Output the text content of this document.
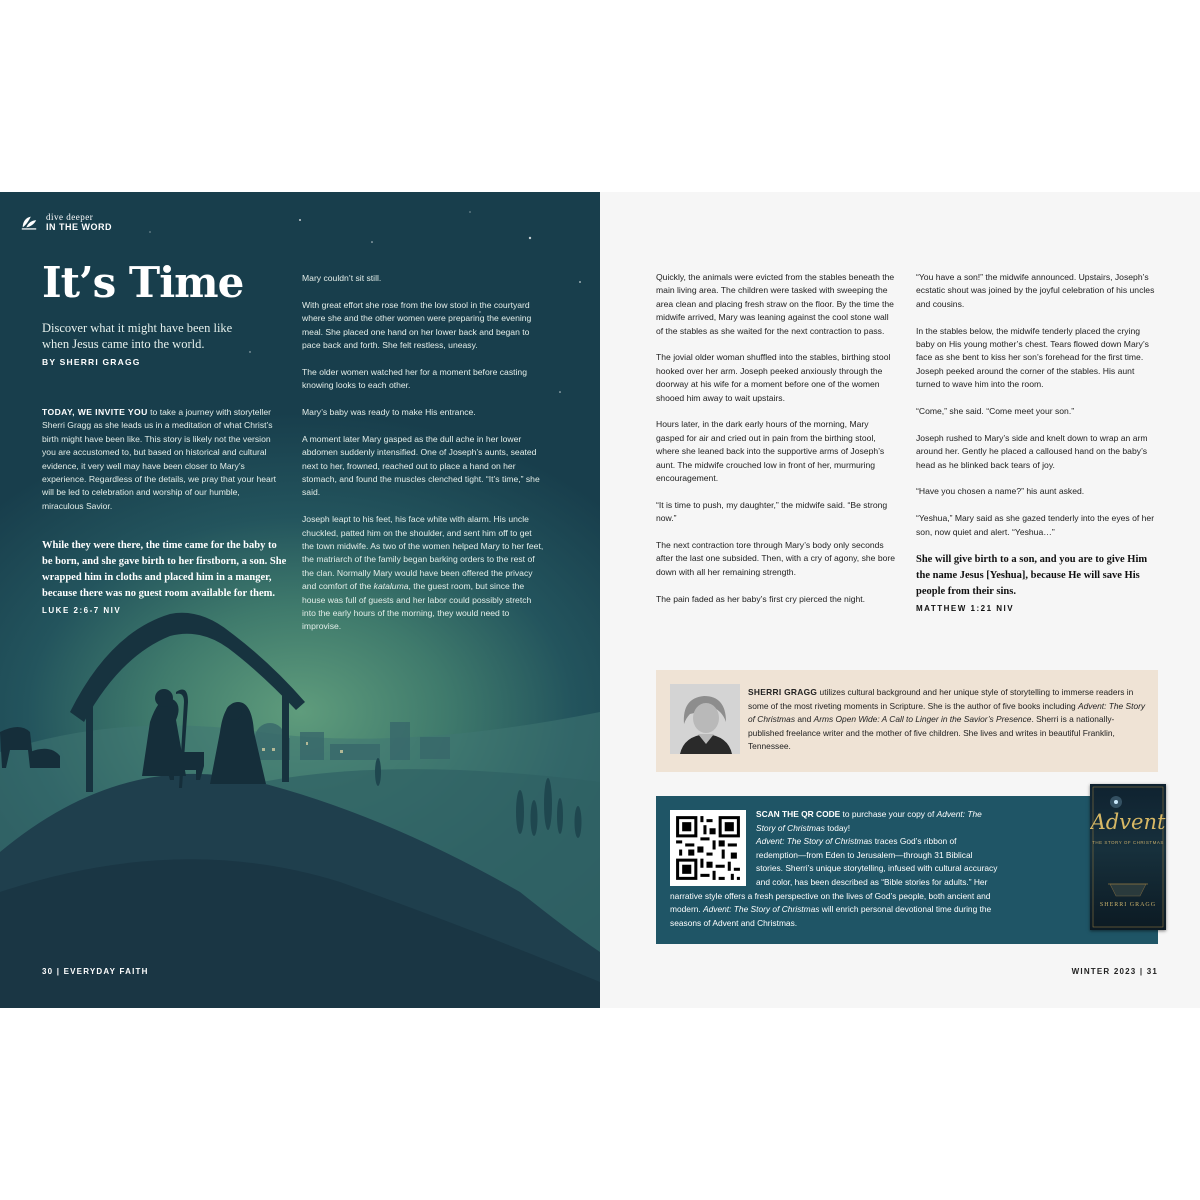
dive deeper
IN THE WORD
It’s Time

Discover what it might have been like when Jesus came into the world.

BY SHERRI GRAGG

TODAY, WE INVITE YOU to take a journey with storyteller Sherri Gragg as she leads us in a meditation of what Christ’s birth might have been like. This story is likely not the version you are accustomed to, but based on historical and cultural evidence, it very well may have been closer to Mary’s experience. Regardless of the details, we pray that your heart will be led to celebration and worship of our humble, miraculous Savior.

While they were there, the time came for the baby to be born, and she gave birth to her firstborn, a son. She wrapped him in cloths and placed him in a manger, because there was no guest room available for them.
LUKE 2:6-7 NIV

Mary couldn’t sit still.

With great effort she rose from the low stool in the courtyard where she and the other women were preparing the evening meal. She placed one hand on her lower back and began to pace back and forth. She felt restless, uneasy.

The older women watched her for a moment before casting knowing looks to each other.

Mary’s baby was ready to make His entrance.

A moment later Mary gasped as the dull ache in her lower abdomen suddenly intensified. One of Joseph’s aunts, seated next to her, frowned, reached out to place a hand on her stomach, and found the muscles clenched tight. “It’s time,” she said.

Joseph leapt to his feet, his face white with alarm. His uncle chuckled, patted him on the shoulder, and sent him off to get the town midwife. As two of the women helped Mary to her feet, the matriarch of the family began barking orders to the rest of the clan. Normally Mary would have been offered the privacy and comfort of the kataluma, the guest room, but since the house was full of guests and her labor could possibly stretch into the early hours of the morning, they would need to improvise.

30 | EVERYDAY FAITH

Quickly, the animals were evicted from the stables beneath the main living area. The children were tasked with sweeping the area clean and placing fresh straw on the floor. By the time the midwife arrived, Mary was leaning against the cool stone wall of the stables as she waited for the next contraction to pass.

The jovial older woman shuffled into the stables, birthing stool hooked over her arm. Joseph peeked anxiously through the doorway at his wife for a moment before one of the women shooed him away to wait upstairs.

Hours later, in the dark early hours of the morning, Mary gasped for air and cried out in pain from the birthing stool, where she leaned back into the supportive arms of Joseph’s aunt. The midwife crouched low in front of her, murmuring encouragement.

“It is time to push, my daughter,” the midwife said. “Be strong now.”

The next contraction tore through Mary’s body only seconds after the last one subsided. Then, with a cry of agony, she bore down with all her remaining strength.

The pain faded as her baby’s first cry pierced the night.

“You have a son!” the midwife announced. Upstairs, Joseph’s ecstatic shout was joined by the joyful celebration of his uncles and cousins.

In the stables below, the midwife tenderly placed the crying baby on His young mother’s chest. Tears flowed down Mary’s face as she bent to kiss her son’s forehead for the first time. Joseph peeked around the corner of the stables. His aunt turned to wave him into the room.

“Come,” she said. “Come meet your son.”

Joseph rushed to Mary’s side and knelt down to wrap an arm around her. Gently he placed a calloused hand on the baby’s head as he blinked back tears of joy.

“Have you chosen a name?” his aunt asked.

“Yeshua,” Mary said as she gazed tenderly into the eyes of her son, now quiet and alert. “Yeshua…”

She will give birth to a son, and you are to give Him the name Jesus [Yeshua], because He will save His people from their sins.
MATTHEW 1:21 NIV

SHERRI GRAGG utilizes cultural background and her unique style of storytelling to immerse readers in some of the most riveting moments in Scripture. She is the author of five books including Advent: The Story of Christmas and Arms Open Wide: A Call to Linger in the Savior’s Presence. Sherri is a nationally-published freelance writer and the mother of five children. She lives and writes in beautiful Franklin, Tennessee.

SCAN THE QR CODE to purchase your copy of Advent: The Story of Christmas today!

Advent: The Story of Christmas traces God’s ribbon of redemption—from Eden to Jerusalem—through 31 Biblical stories. Sherri’s unique storytelling, infused with cultural accuracy and color, has been described as “Bible stories for adults.” Her narrative style offers a fresh perspective on the lives of God’s people, both ancient and modern. Advent: The Story of Christmas will enrich personal devotional time during the seasons of Advent and Christmas.

Advent
THE STORY OF CHRISTMAS
SHERRI GRAGG
WINTER 2023 | 31
